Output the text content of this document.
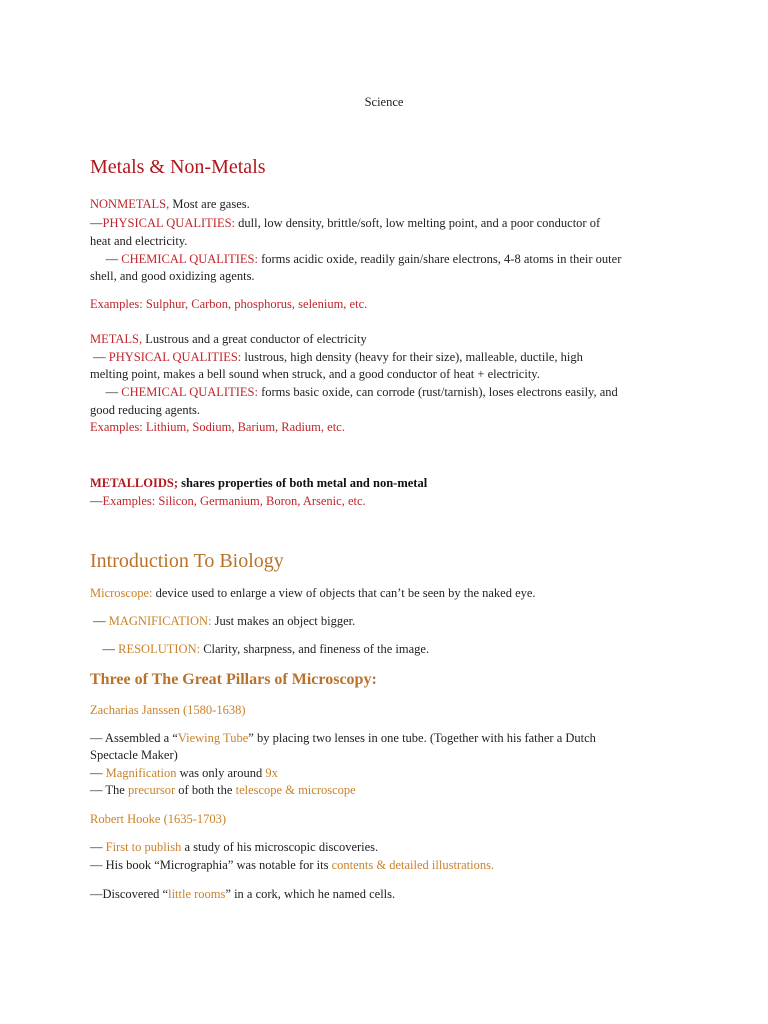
Science
Metals & Non-Metals
NONMETALS, Most are gases.
—PHYSICAL QUALITIES: dull, low density, brittle/soft, low melting point, and a poor conductor of
heat and electricity.
— CHEMICAL QUALITIES: forms acidic oxide, readily gain/share electrons, 4-8 atoms in their outer
shell, and good oxidizing agents.
Examples: Sulphur, Carbon, phosphorus, selenium, etc.
METALS, Lustrous and a great conductor of electricity
— PHYSICAL QUALITIES: lustrous, high density (heavy for their size), malleable, ductile, high
melting point, makes a bell sound when struck, and a good conductor of heat + electricity.
— CHEMICAL QUALITIES: forms basic oxide, can corrode (rust/tarnish), loses electrons easily, and
good reducing agents.
Examples: Lithium, Sodium, Barium, Radium, etc.
METALLOIDS; shares properties of both metal and non-metal
—Examples: Silicon, Germanium, Boron, Arsenic, etc.
Introduction To Biology
Microscope: device used to enlarge a view of objects that can’t be seen by the naked eye.
— MAGNIFICATION: Just makes an object bigger.
— RESOLUTION: Clarity, sharpness, and fineness of the image.
Three of The Great Pillars of Microscopy:
Zacharias Janssen (1580-1638)
— Assembled a “Viewing Tube” by placing two lenses in one tube. (Together with his father a Dutch
Spectacle Maker)
— Magnification was only around 9x
— The precursor of both the telescope & microscope
Robert Hooke (1635-1703)
— First to publish a study of his microscopic discoveries.
— His book “Micrographia” was notable for its contents & detailed illustrations.
—Discovered “little rooms” in a cork, which he named cells.
